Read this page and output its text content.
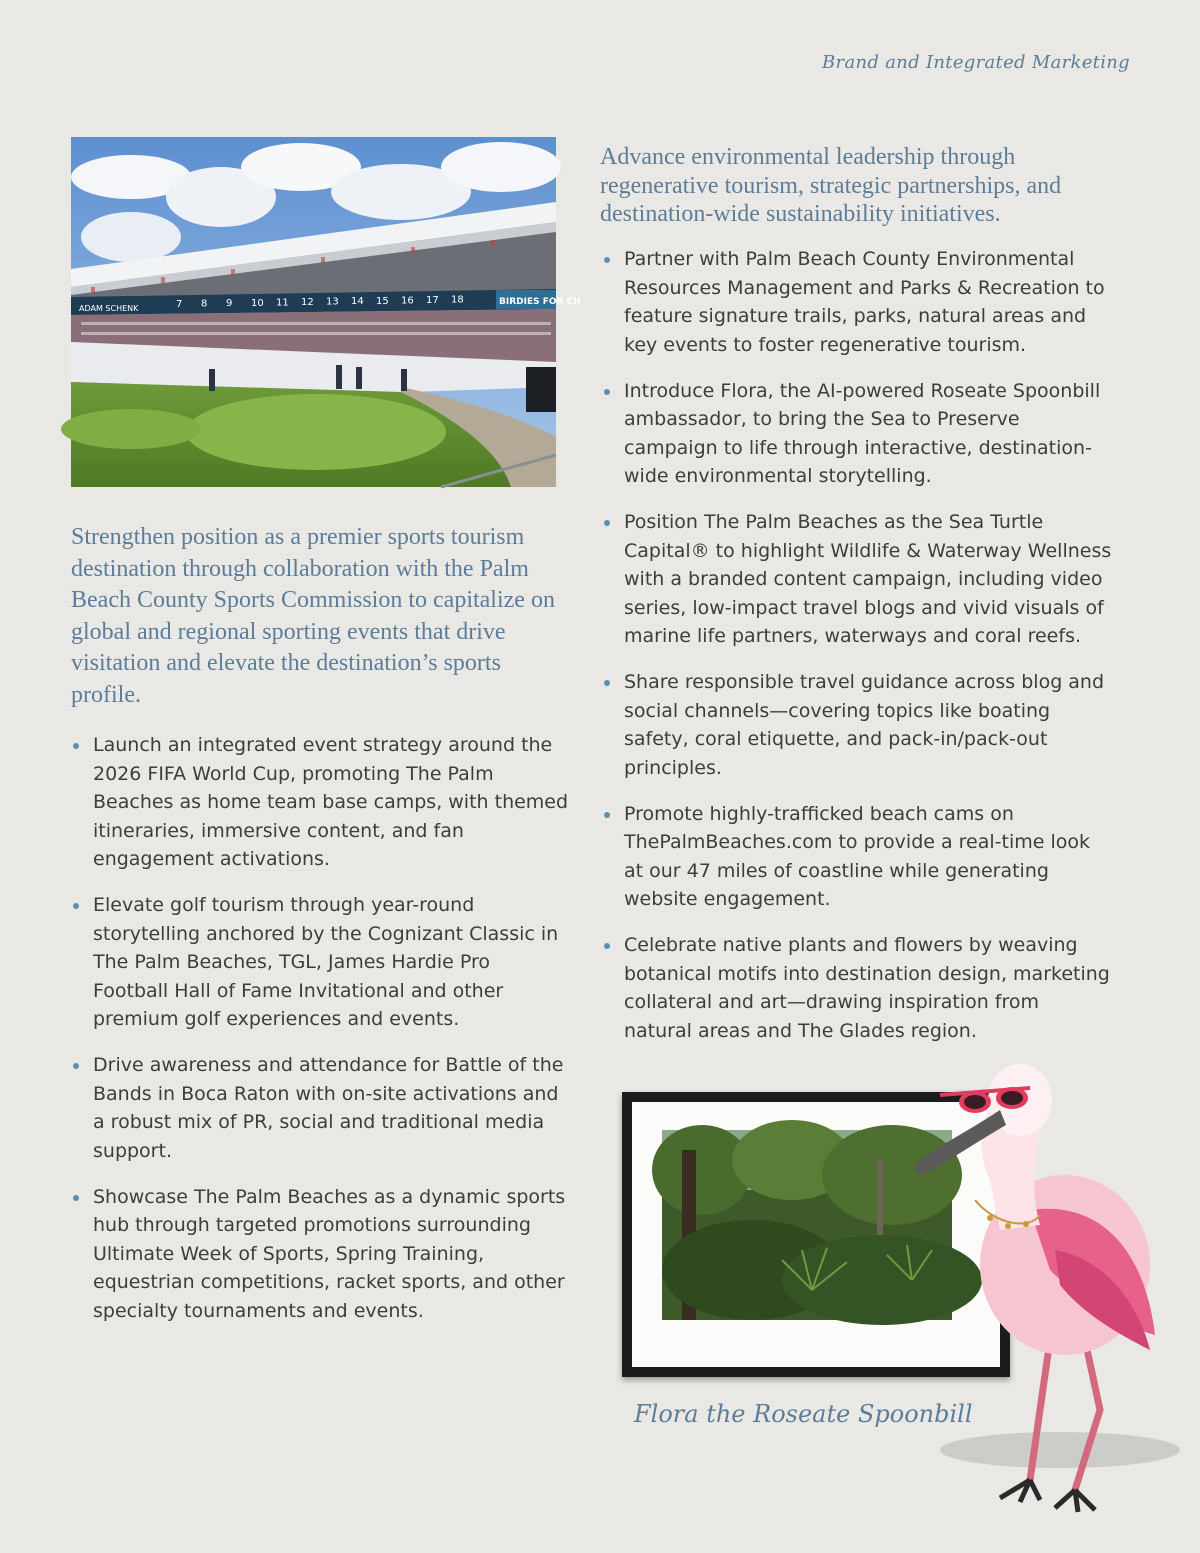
Brand and Integrated Marketing
ADAM SCHENK	7 8 9 10 11 12 13 14 15 16 17 18	BIRDIES FOR CH
Strengthen position as a premier sports tourism destination through collaboration with the Palm Beach County Sports Commission to capitalize on global and regional sporting events that drive visitation and elevate the destination’s sports profile.
Launch an integrated event strategy around the 2026 FIFA World Cup, promoting The Palm Beaches as home team base camps, with themed itineraries, immersive content, and fan engagement activations.
Elevate golf tourism through year-round storytelling anchored by the Cognizant Classic in The Palm Beaches, TGL, James Hardie Pro Football Hall of Fame Invitational and other premium golf experiences and events.
Drive awareness and attendance for Battle of the Bands in Boca Raton with on-site activations and a robust mix of PR, social and traditional media support.
Showcase The Palm Beaches as a dynamic sports hub through targeted promotions surrounding Ultimate Week of Sports, Spring Training, equestrian competitions, racket sports, and other specialty tournaments and events.
Advance environmental leadership through regenerative tourism, strategic partnerships, and destination-wide sustainability initiatives.
Partner with Palm Beach County Environmental Resources Management and Parks & Recreation to feature signature trails, parks, natural areas and key events to foster regenerative tourism.
Introduce Flora, the AI-powered Roseate Spoonbill ambassador, to bring the Sea to Preserve campaign to life through interactive, destination-wide environmental storytelling.
Position The Palm Beaches as the Sea Turtle Capital® to highlight Wildlife & Waterway Wellness with a branded content campaign, including video series, low-impact travel blogs and vivid visuals of marine life partners, waterways and coral reefs.
Share responsible travel guidance across blog and social channels—covering topics like boating safety, coral etiquette, and pack-in/pack-out principles.
Promote highly-trafficked beach cams on ThePalmBeaches.com to provide a real-time look at our 47 miles of coastline while generating website engagement.
Celebrate native plants and flowers by weaving botanical motifs into destination design, marketing collateral and art—drawing inspiration from natural areas and The Glades region.
Flora the Roseate Spoonbill
